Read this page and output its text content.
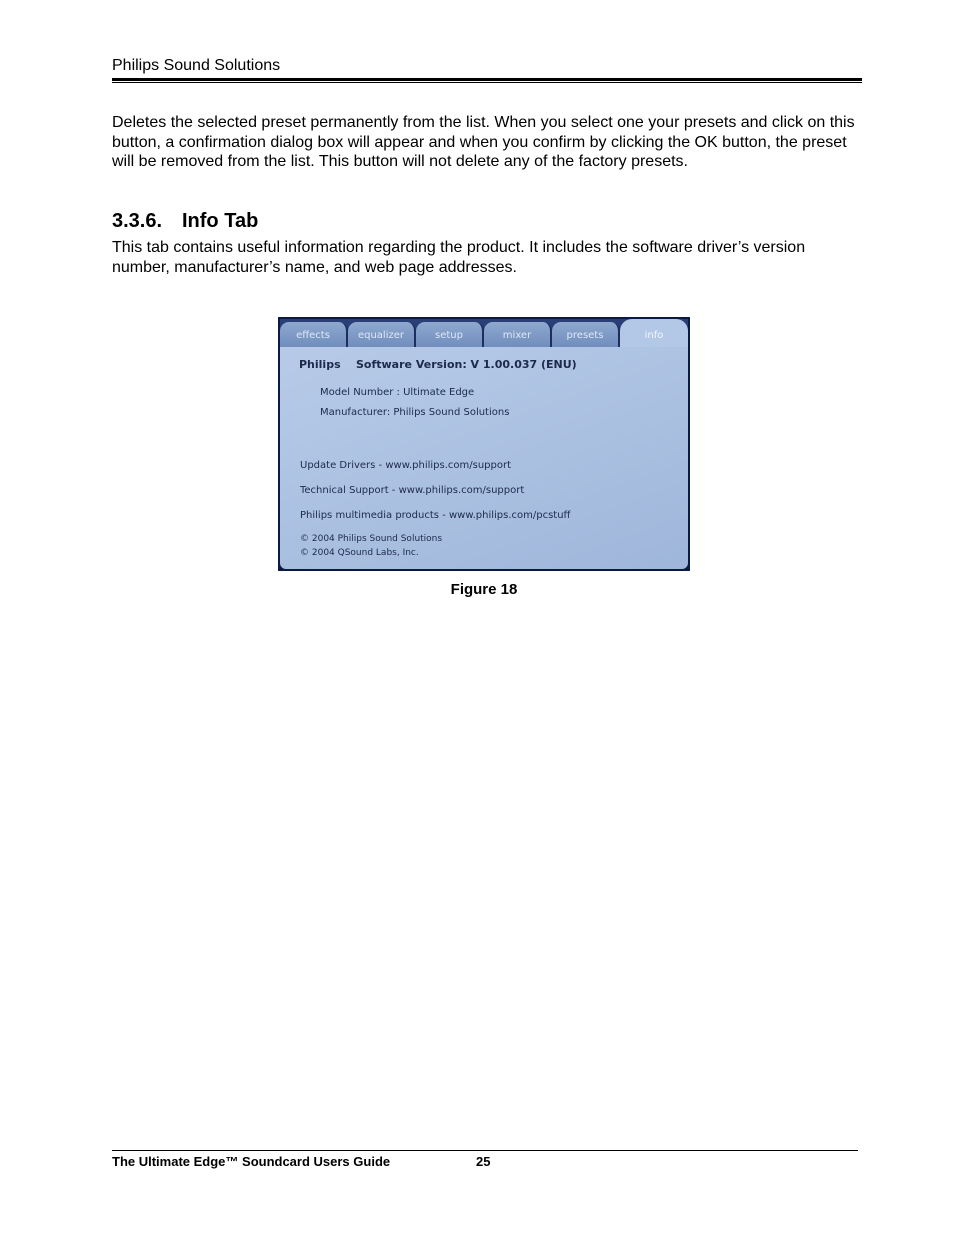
Philips Sound Solutions
Deletes the selected preset permanently from the list. When you select one your presets and click on this button, a confirmation dialog box will appear and when you confirm by clicking the OK button, the preset will be removed from the list. This button will not delete any of the factory presets.
3.3.6. Info Tab
This tab contains useful information regarding the product. It includes the software driver’s version number, manufacturer’s name, and web page addresses.
effects	equalizer	setup	mixer	presets	info
Philips Software Version: V 1.00.037 (ENU)
Model Number : Ultimate Edge
Manufacturer: Philips Sound Solutions
Update Drivers - www.philips.com/support
Technical Support - www.philips.com/support
Philips multimedia products - www.philips.com/pcstuff
© 2004 Philips Sound Solutions
© 2004 QSound Labs, Inc.
Figure 18
The Ultimate Edge™ Soundcard Users Guide	25
